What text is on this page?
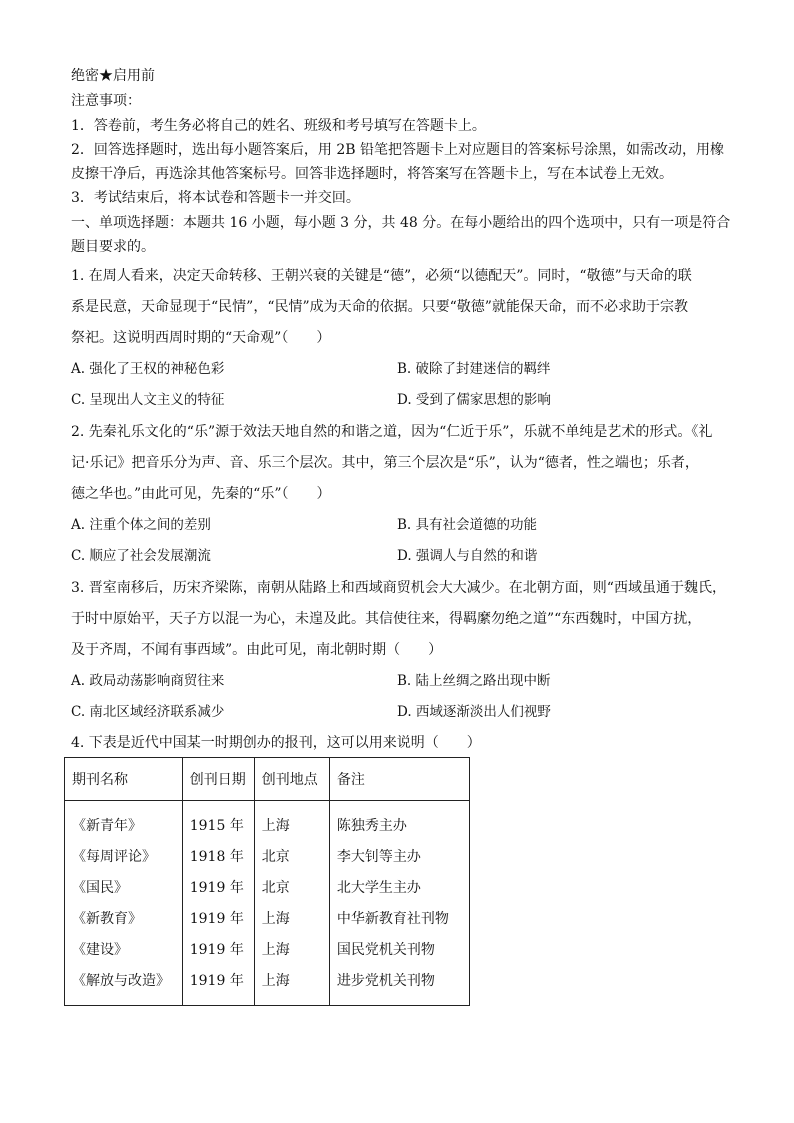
绝密★启用前
注意事项：
1．答卷前，考生务必将自己的姓名、班级和考号填写在答题卡上。
2．回答选择题时，选出每小题答案后，用 2B 铅笔把答题卡上对应题目的答案标号涂黑，如需改动，用橡
皮擦干净后，再选涂其他答案标号。回答非选择题时，将答案写在答题卡上，写在本试卷上无效。
3．考试结束后，将本试卷和答题卡一并交回。
一、单项选择题：本题共 16 小题，每小题 3 分，共 48 分。在每小题给出的四个选项中，只有一项是符合
题目要求的。
1. 在周人看来，决定天命转移、王朝兴衰的关键是“德”，必须“以德配天”。同时，“敬德”与天命的联
系是民意，天命显现于“民情”，“民情”成为天命的依据。只要“敬德”就能保天命，而不必求助于宗教
祭祀。这说明西周时期的“天命观”（　　）
A. 强化了王权的神秘色彩	B. 破除了封建迷信的羁绊
C. 呈现出人文主义的特征	D. 受到了儒家思想的影响
2. 先秦礼乐文化的“乐”源于效法天地自然的和谐之道，因为“仁近于乐”，乐就不单纯是艺术的形式。《礼
记·乐记》把音乐分为声、音、乐三个层次。其中，第三个层次是“乐”，认为“德者，性之端也；乐者，
德之华也。”由此可见，先秦的“乐”（　　）
A. 注重个体之间的差别	B. 具有社会道德的功能
C. 顺应了社会发展潮流	D. 强调人与自然的和谐
3. 晋室南移后，历宋齐梁陈，南朝从陆路上和西域商贸机会大大减少。在北朝方面，则“西域虽通于魏氏，
于时中原始平，天子方以混一为心，未遑及此。其信使往来，得羁縻勿绝之道”“东西魏时，中国方扰，
及于齐周，不闻有事西域”。由此可见，南北朝时期（　　）
A. 政局动荡影响商贸往来	B. 陆上丝绸之路出现中断
C. 南北区域经济联系减少	D. 西域逐渐淡出人们视野
4. 下表是近代中国某一时期创办的报刊，这可以用来说明（　　）
期刊名称	创刊日期	创刊地点	备注
《新青年》	1915 年	上海	陈独秀主办
《每周评论》	1918 年	北京	李大钊等主办
《国民》	1919 年	北京	北大学生主办
《新教育》	1919 年	上海	中华新教育社刊物
《建设》	1919 年	上海	国民党机关刊物
《解放与改造》	1919 年	上海	进步党机关刊物
